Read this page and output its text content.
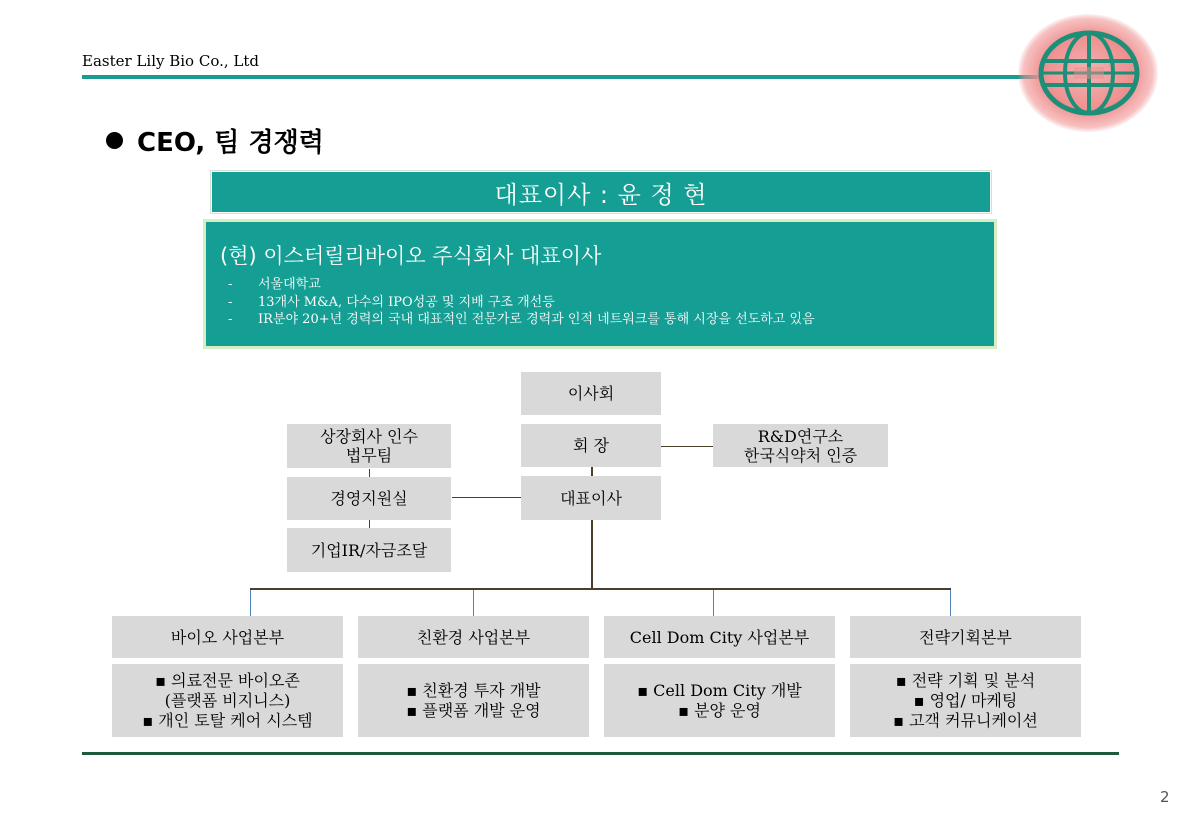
Easter Lily Bio Co., Ltd
CEO, 팀 경쟁력
대표이사 : 윤 정 현
(현) 이스터릴리바이오 주식회사 대표이사
-	서울대학교
-	13개사 M&A, 다수의 IPO성공 및 지배 구조 개선등
-	IR분야 20+년 경력의 국내 대표적인 전문가로 경력과 인적 네트워크를 통해 시장을 선도하고 있음
이사회
회 장
대표이사
R&D연구소
한국식약처 인증
상장회사 인수
법무팀
경영지원실
기업IR/자금조달
바이오 사업본부	친환경 사업본부	Cell Dom City 사업본부	전략기획본부
▪ 의료전문 바이오존
(플랫폼 비지니스)
▪ 개인 토탈 케어 시스템
▪ 친환경 투자 개발
▪ 플랫폼 개발 운영
▪ Cell Dom City 개발
▪ 분양 운영
▪ 전략 기획 및 분석
▪ 영업/ 마케팅
▪ 고객 커뮤니케이션
2
